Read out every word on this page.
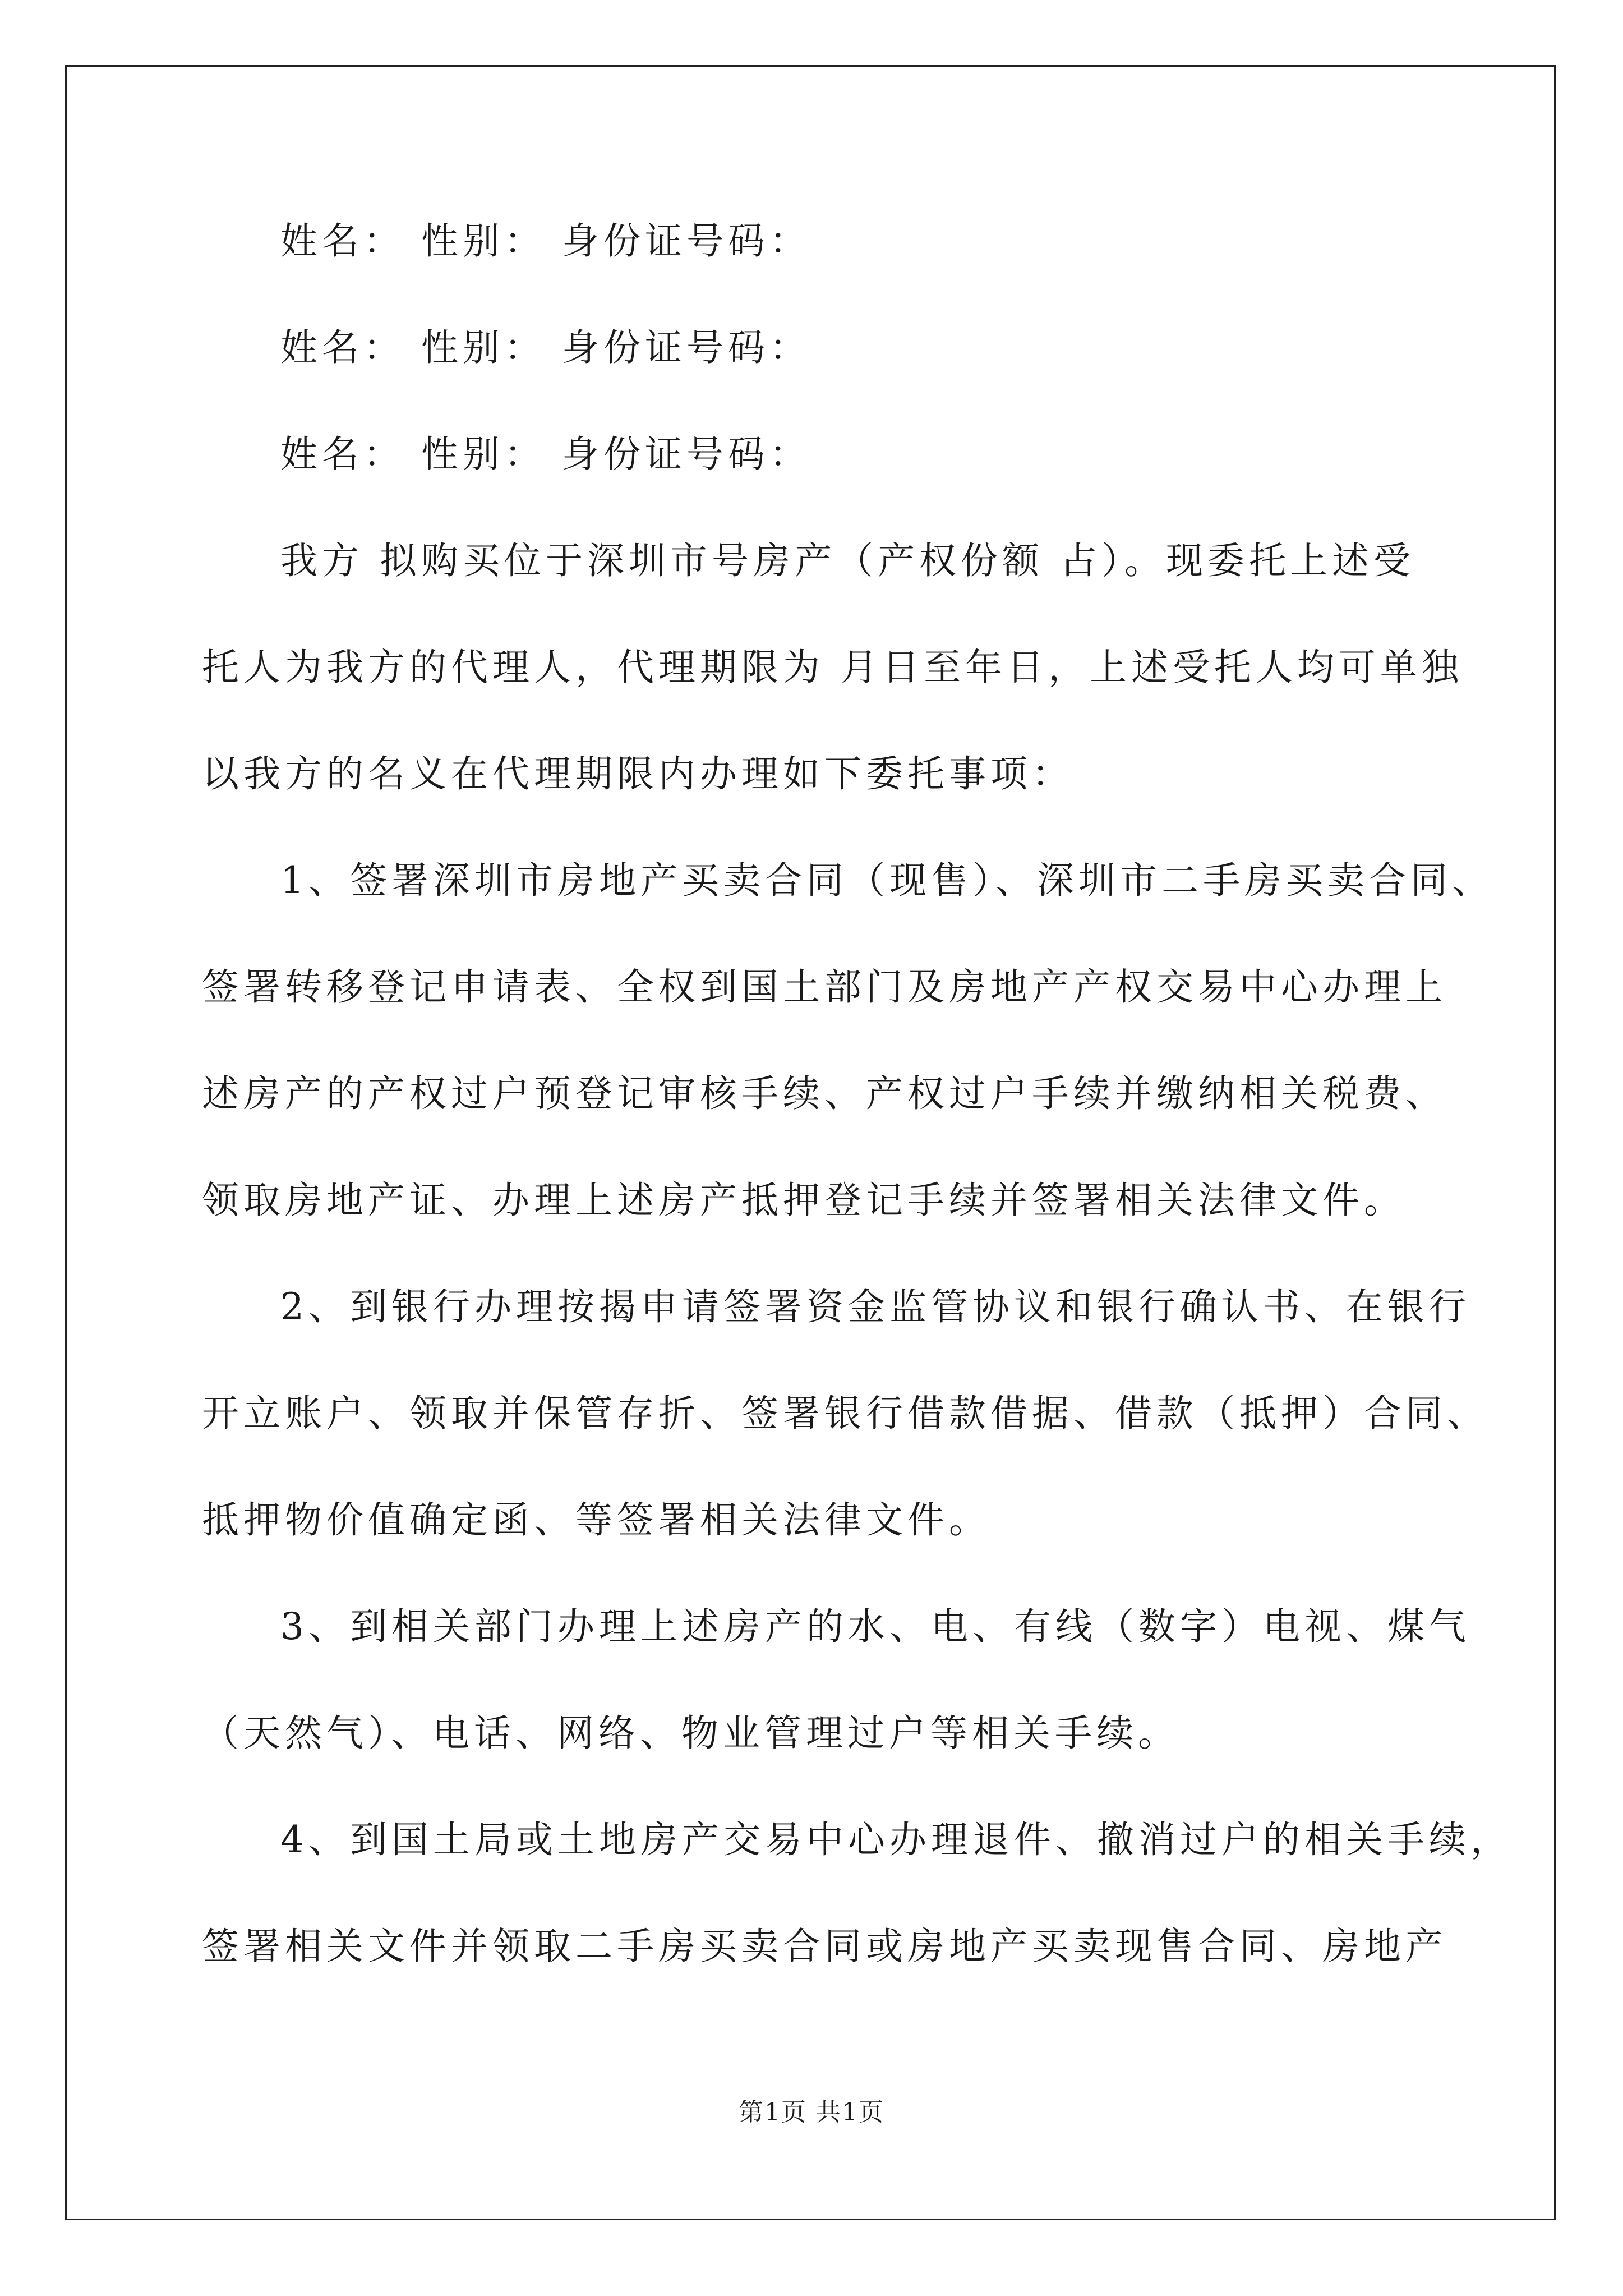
姓名： 性别： 身份证号码：
姓名： 性别： 身份证号码：
姓名： 性别： 身份证号码：
我方 拟购买位于深圳市号房产（产权份额 占）。现委托上述受
托人为我方的代理人，代理期限为 月日至年日，上述受托人均可单独
以我方的名义在代理期限内办理如下委托事项：
1、签署深圳市房地产买卖合同（现售）、深圳市二手房买卖合同、
签署转移登记申请表、全权到国土部门及房地产产权交易中心办理上
述房产的产权过户预登记审核手续、产权过户手续并缴纳相关税费、
领取房地产证、办理上述房产抵押登记手续并签署相关法律文件。
2、到银行办理按揭申请签署资金监管协议和银行确认书、在银行
开立账户、领取并保管存折、签署银行借款借据、借款（抵押）合同、
抵押物价值确定函、等签署相关法律文件。
3、到相关部门办理上述房产的水、电、有线（数字）电视、煤气
（天然气）、电话、网络、物业管理过户等相关手续。
4、到国土局或土地房产交易中心办理退件、撤消过户的相关手续，
签署相关文件并领取二手房买卖合同或房地产买卖现售合同、房地产
第1页 共1页
